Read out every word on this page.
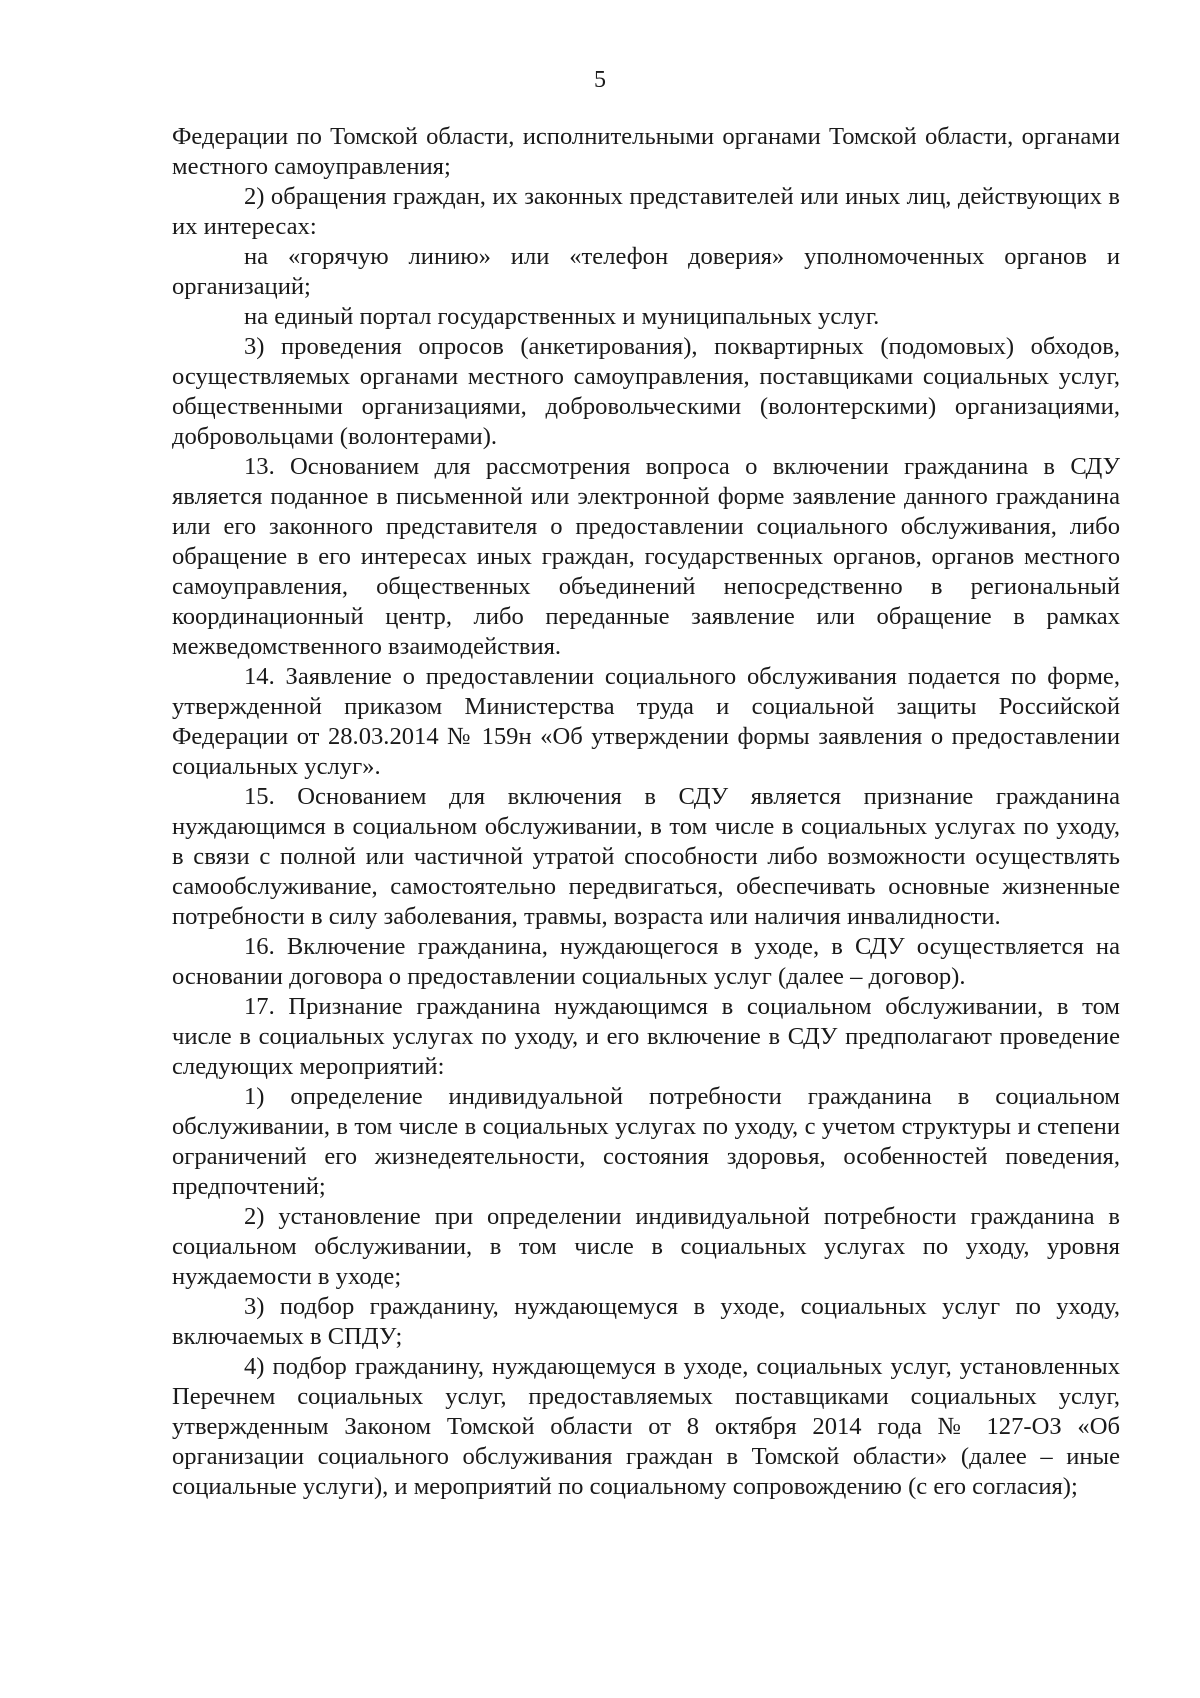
5

Федерации по Томской области, исполнительными органами Томской области, органами местного самоуправления;

2) обращения граждан, их законных представителей или иных лиц, действующих в их интересах:

на «горячую линию» или «телефон доверия» уполномоченных органов и организаций;

на единый портал государственных и муниципальных услуг.

3) проведения опросов (анкетирования), поквартирных (подомовых) обходов, осуществляемых органами местного самоуправления, поставщиками социальных услуг, общественными организациями, добровольческими (волонтерскими) организациями, добровольцами (волонтерами).

13. Основанием для рассмотрения вопроса о включении гражданина в СДУ является поданное в письменной или электронной форме заявление данного гражданина или его законного представителя о предоставлении социального обслуживания, либо обращение в его интересах иных граждан, государственных органов, органов местного самоуправления, общественных объединений непосредственно в региональный координационный центр, либо переданные заявление или обращение в рамках межведомственного взаимодействия.

14. Заявление о предоставлении социального обслуживания подается по форме, утвержденной приказом Министерства труда и социальной защиты Российской Федерации от 28.03.2014 № 159н «Об утверждении формы заявления о предоставлении социальных услуг».

15. Основанием для включения в СДУ является признание гражданина нуждающимся в социальном обслуживании, в том числе в социальных услугах по уходу, в связи с полной или частичной утратой способности либо возможности осуществлять самообслуживание, самостоятельно передвигаться, обеспечивать основные жизненные потребности в силу заболевания, травмы, возраста или наличия инвалидности.

16. Включение гражданина, нуждающегося в уходе, в СДУ осуществляется на основании договора о предоставлении социальных услуг (далее – договор).

17. Признание гражданина нуждающимся в социальном обслуживании, в том числе в социальных услугах по уходу, и его включение в СДУ предполагают проведение следующих мероприятий:

1) определение индивидуальной потребности гражданина в социальном обслуживании, в том числе в социальных услугах по уходу, с учетом структуры и степени ограничений его жизнедеятельности, состояния здоровья, особенностей поведения, предпочтений;

2) установление при определении индивидуальной потребности гражданина в социальном обслуживании, в том числе в социальных услугах по уходу, уровня нуждаемости в уходе;

3) подбор гражданину, нуждающемуся в уходе, социальных услуг по уходу, включаемых в СПДУ;

4) подбор гражданину, нуждающемуся в уходе, социальных услуг, установленных Перечнем социальных услуг, предоставляемых поставщиками социальных услуг, утвержденным Законом Томской области от 8 октября 2014 года № 127-ОЗ «Об организации социального обслуживания граждан в Томской области» (далее – иные социальные услуги), и мероприятий по социальному сопровождению (с его согласия);
